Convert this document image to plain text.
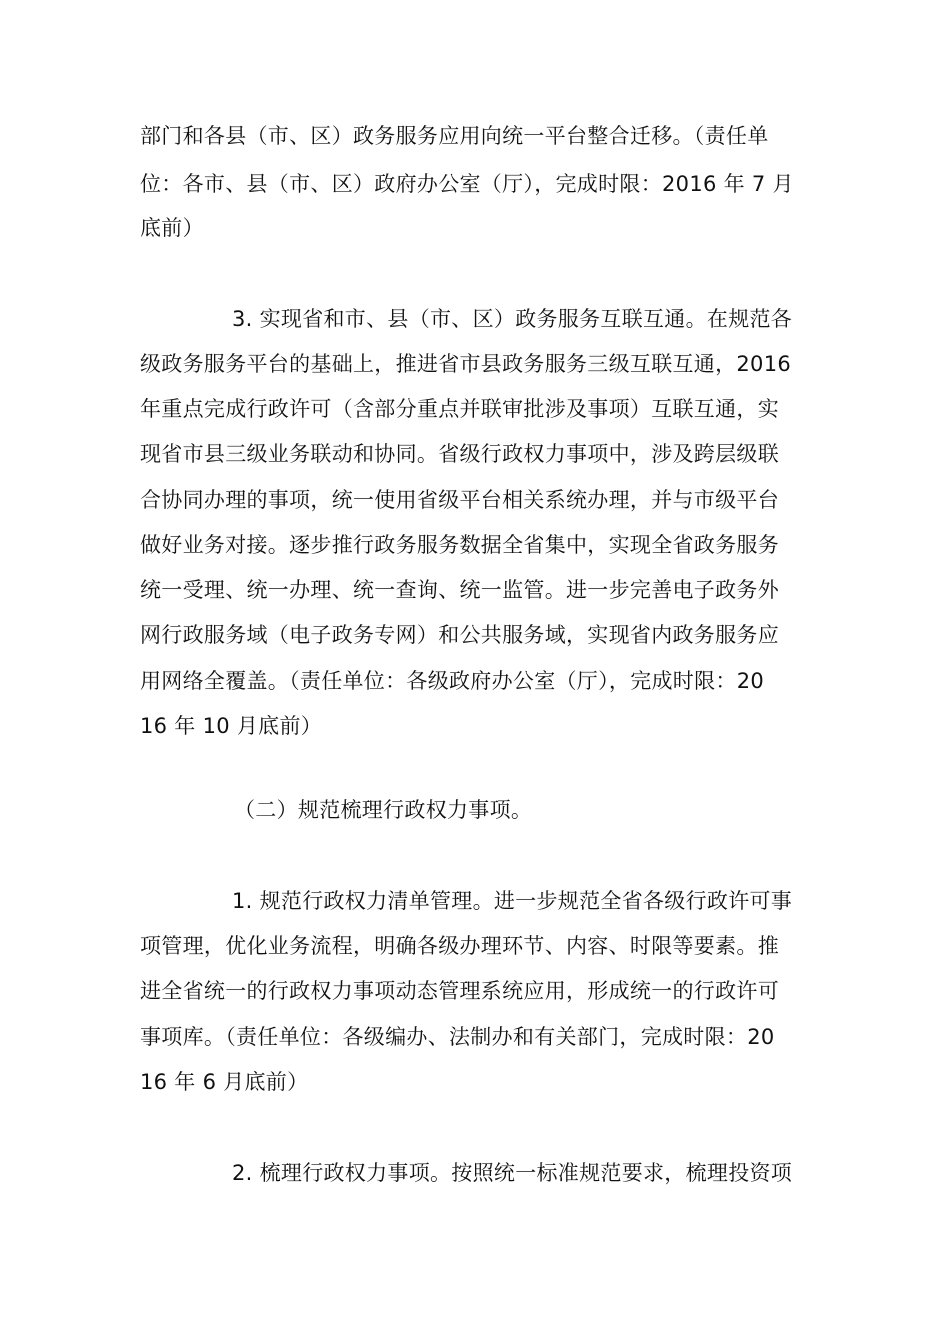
部门和各县（市、区）政务服务应用向统一平台整合迁移。（责任单

位：各市、县（市、区）政府办公室（厅），完成时限：2016 年 7 月

底前）

3. 实现省和市、县（市、区）政务服务互联互通。在规范各

级政务服务平台的基础上，推进省市县政务服务三级互联互通，2016

年重点完成行政许可（含部分重点并联审批涉及事项）互联互通，实

现省市县三级业务联动和协同。省级行政权力事项中，涉及跨层级联

合协同办理的事项，统一使用省级平台相关系统办理，并与市级平台

做好业务对接。逐步推行政务服务数据全省集中，实现全省政务服务

统一受理、统一办理、统一查询、统一监管。进一步完善电子政务外

网行政服务域（电子政务专网）和公共服务域，实现省内政务服务应

用网络全覆盖。（责任单位：各级政府办公室（厅），完成时限：20

16 年 10 月底前）

（二）规范梳理行政权力事项。

1. 规范行政权力清单管理。进一步规范全省各级行政许可事

项管理，优化业务流程，明确各级办理环节、内容、时限等要素。推

进全省统一的行政权力事项动态管理系统应用，形成统一的行政许可

事项库。（责任单位：各级编办、法制办和有关部门，完成时限：20

16 年 6 月底前）

2. 梳理行政权力事项。按照统一标准规范要求，梳理投资项
